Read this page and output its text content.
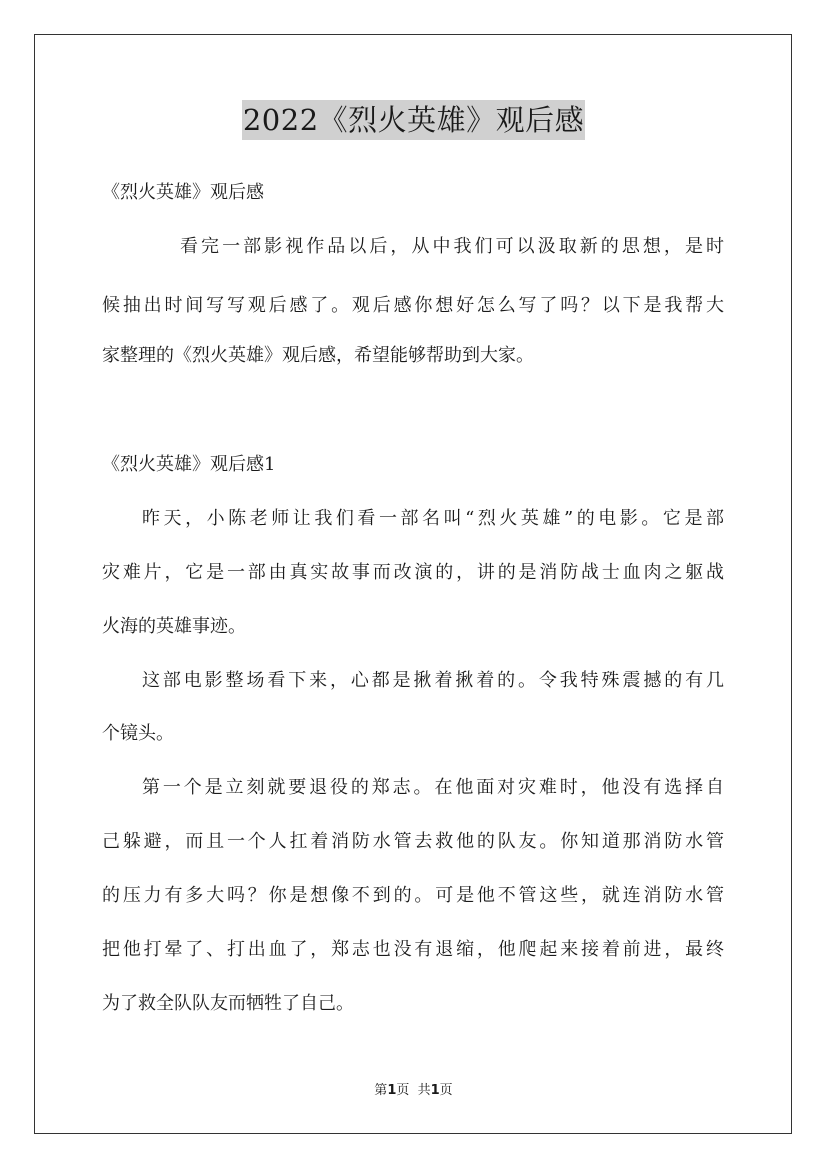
2022《烈火英雄》观后感
《烈火英雄》观后感
看完一部影视作品以后，从中我们可以汲取新的思想，是时
候抽出时间写写观后感了。观后感你想好怎么写了吗？以下是我帮大
家整理的《烈火英雄》观后感，希望能够帮助到大家。
《烈火英雄》观后感1
昨天，小陈老师让我们看一部名叫“烈火英雄”的电影。它是部
灾难片，它是一部由真实故事而改演的，讲的是消防战士血肉之躯战
火海的英雄事迹。
这部电影整场看下来，心都是揪着揪着的。令我特殊震撼的有几
个镜头。
第一个是立刻就要退役的郑志。在他面对灾难时，他没有选择自
己躲避，而且一个人扛着消防水管去救他的队友。你知道那消防水管
的压力有多大吗？你是想像不到的。可是他不管这些，就连消防水管
把他打晕了、打出血了，郑志也没有退缩，他爬起来接着前进，最终
为了救全队队友而牺牲了自己。
第1页  共1页
